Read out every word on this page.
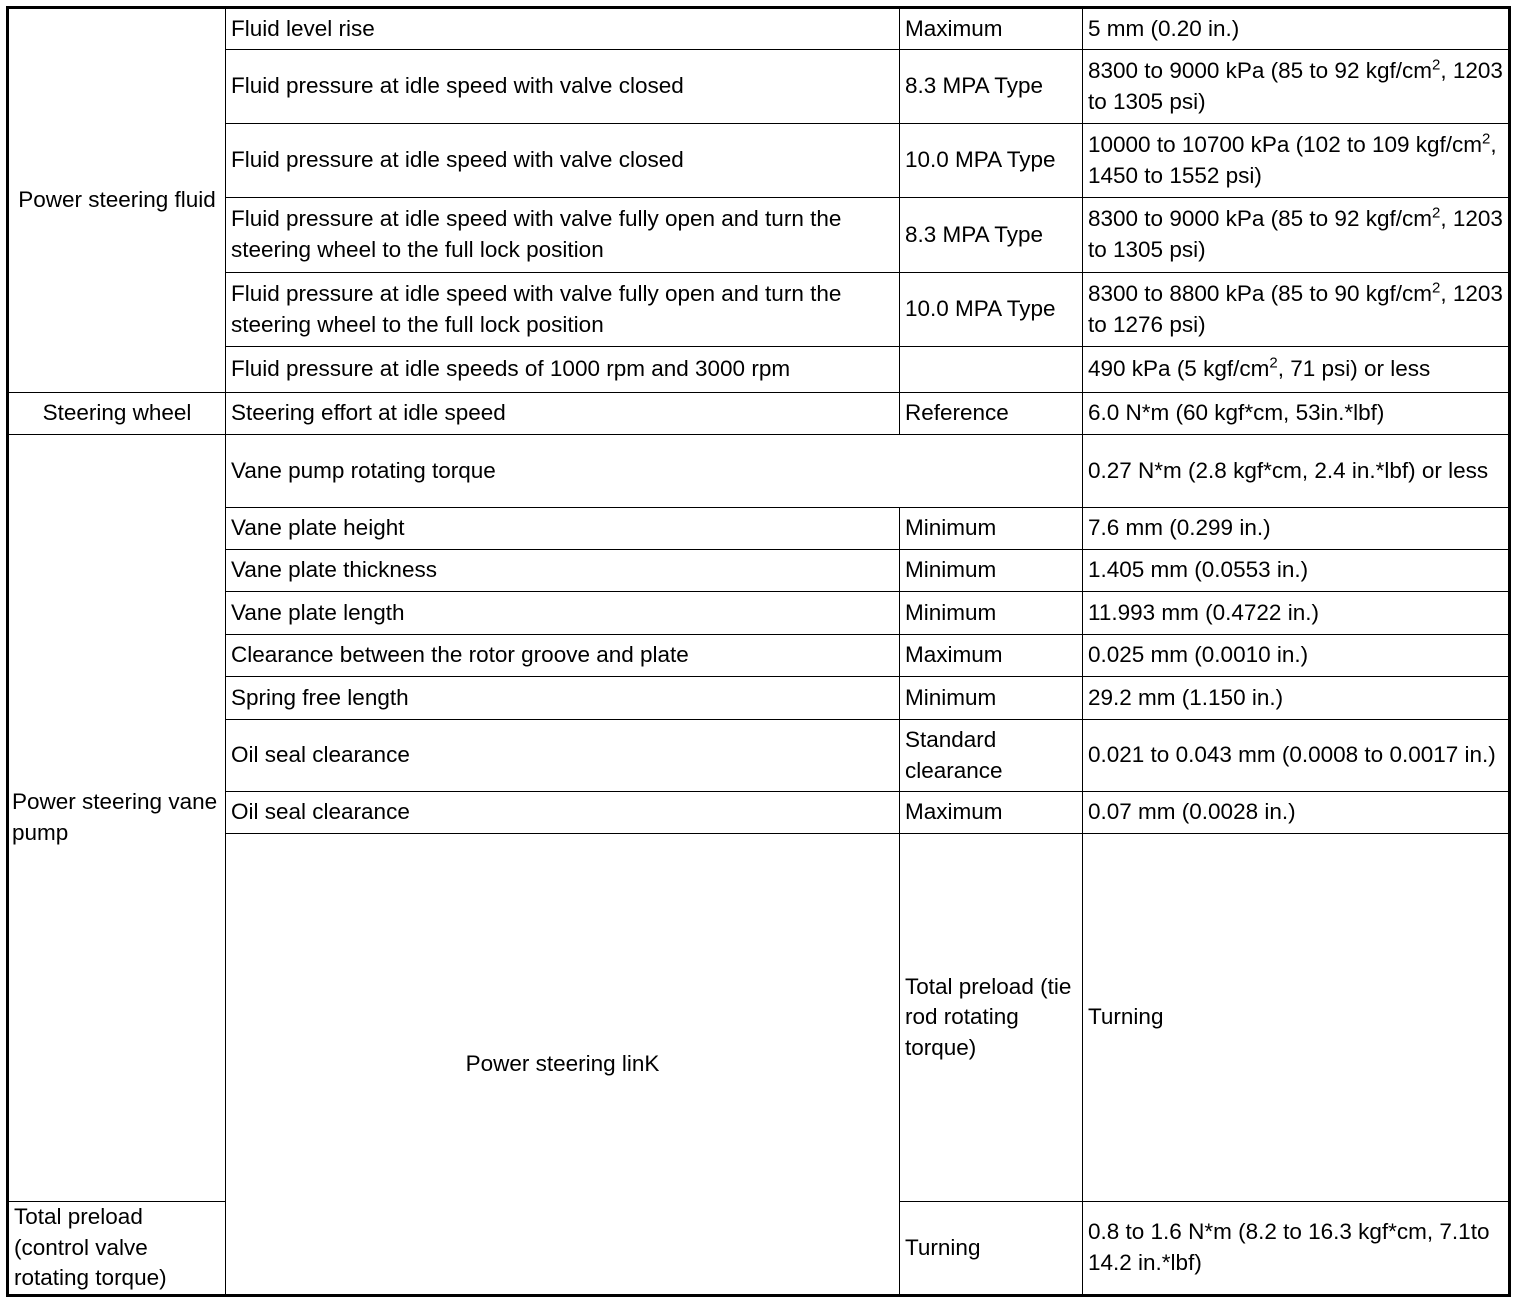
Power steering fluid	Fluid level rise	Maximum	5 mm (0.20 in.)	
	Fluid pressure at idle speed with valve closed	8.3 MPA Type	8300 to 9000 kPa (85 to 92 kgf/$cm^2$, 1203 to 1305 psi)	
	Fluid pressure at idle speed with valve closed	10.0 MPA Type	10000 to 10700 kPa (102 to 109 kgf/$cm^2$, 1450 to 1552 psi)	
	Fluid pressure at idle speed with valve fully open and turn the steering wheel to the full lock position	8.3 MPA Type	8300 to 9000 kPa (85 to 92 kgf/$cm^2$, 1203 to 1305 psi)	
	Fluid pressure at idle speed with valve fully open and turn the steering wheel to the full lock position	10.0 MPA Type	8300 to 8800 kPa (85 to 90 kgf/$cm^2$, 1203 to 1276 psi)	
	Fluid pressure at idle speeds of 1000 rpm and 3000 rpm		490 kPa (5 kgf/$cm^2$, 71 psi) or less	
Steering wheel	Steering effort at idle speed	Reference	6.0 N*m (60 kgf*cm, 53in.*lbf)	
Power steering vane pump	Vane pump rotating torque		0.27 N*m (2.8 kgf*cm, 2.4 in.*lbf) or less	
	Vane plate height	Minimum	7.6 mm (0.299 in.)	
	Vane plate thickness	Minimum	1.405 mm (0.0553 in.)	
	Vane plate length	Minimum	11.993 mm (0.4722 in.)	
	Clearance between the rotor groove and plate	Maximum	0.025 mm (0.0010 in.)	
	Spring free length	Minimum	29.2 mm (1.150 in.)	
	Oil seal clearance	Standard clearance	0.021 to 0.043 mm (0.0008 to 0.0017 in.)	
	Oil seal clearance	Maximum	0.07 mm (0.0028 in.)	
	Power steering linK	Total preload (tie rod rotating torque)	Turning	
Total preload (control valve rotating torque)		Turning	0.8 to 1.6 N*m (8.2 to 16.3 kgf*cm, 7.1to 14.2 in.*lbf)	
